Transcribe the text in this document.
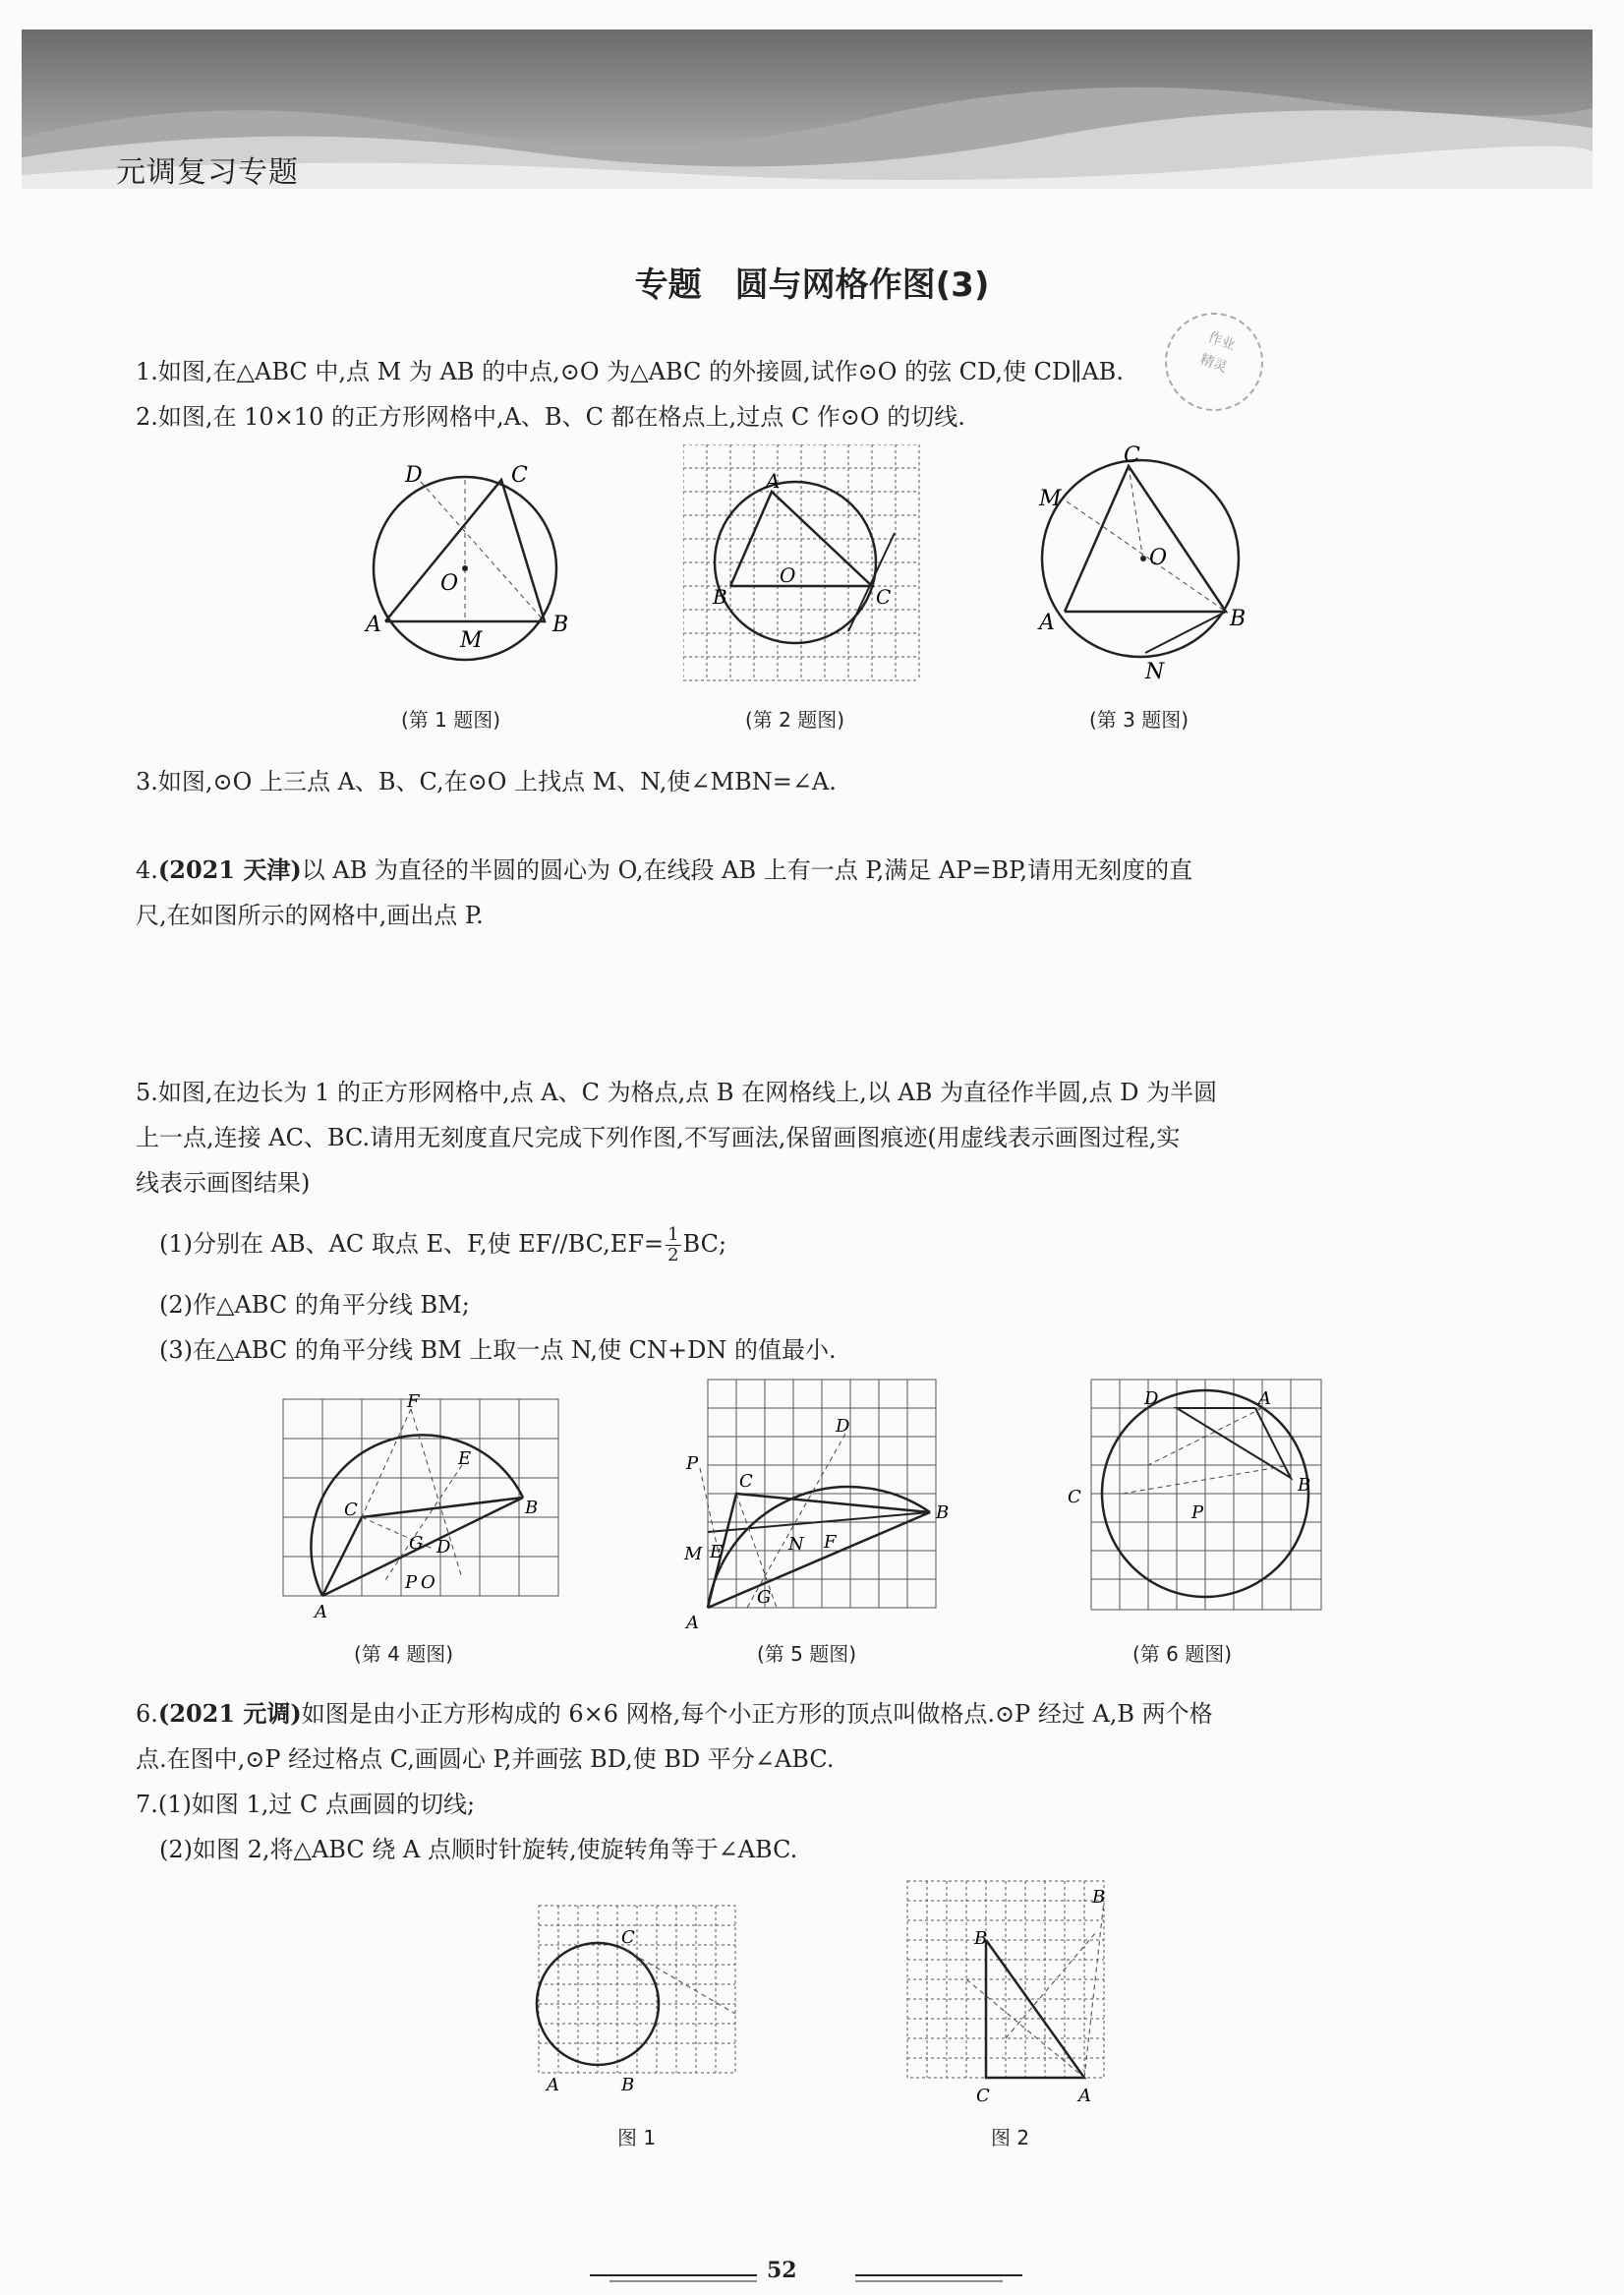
元调复习专题
专题　圆与网格作图(3)
作业
精灵
1.如图,在△ABC 中,点 M 为 AB 的中点,⊙O 为△ABC 的外接圆,试作⊙O 的弦 CD,使 CD∥AB.
2.如图,在 10×10 的正方形网格中,A、B、C 都在格点上,过点 C 作⊙O 的切线.
D	C
O
A
M
B
A
O
B	C
C
M
O
A	B
N
(第 1 题图)	(第 2 题图)	(第 3 题图)
3.如图,⊙O 上三点 A、B、C,在⊙O 上找点 M、N,使∠MBN=∠A.
4.(2021 天津)以 AB 为直径的半圆的圆心为 O,在线段 AB 上有一点 P,满足 AP=BP,请用无刻度的直
尺,在如图所示的网格中,画出点 P.
5.如图,在边长为 1 的正方形网格中,点 A、C 为格点,点 B 在网格线上,以 AB 为直径作半圆,点 D 为半圆
上一点,连接 AC、BC.请用无刻度直尺完成下列作图,不写画法,保留画图痕迹(用虚线表示画图过程,实
线表示画图结果)
(1)分别在 AB、AC 取点 E、F,使 $EF//BC,EF= \frac{1}{2}$ BC;
(2)作△ABC 的角平分线 BM;
(3)在△ABC 的角平分线 BM 上取一点 N,使 CN+DN 的值最小.
F
E
C
G D
B
P O
A
D
P
C
M E	N F
B
G
A
D	A
C
B
P
(第 4 题图)	(第 5 题图)	(第 6 题图)
6.(2021 元调)如图是由小正方形构成的 6×6 网格,每个小正方形的顶点叫做格点.⊙P 经过 A,B 两个格
点.在图中,⊙P 经过格点 C,画圆心 P,并画弦 BD,使 BD 平分∠ABC.
7.(1)如图 1,过 C 点画圆的切线;
(2)如图 2,将△ABC 绕 A 点顺时针旋转,使旋转角等于∠ABC.
C
A	B
B
B
C	A
图 1	图 2
52
